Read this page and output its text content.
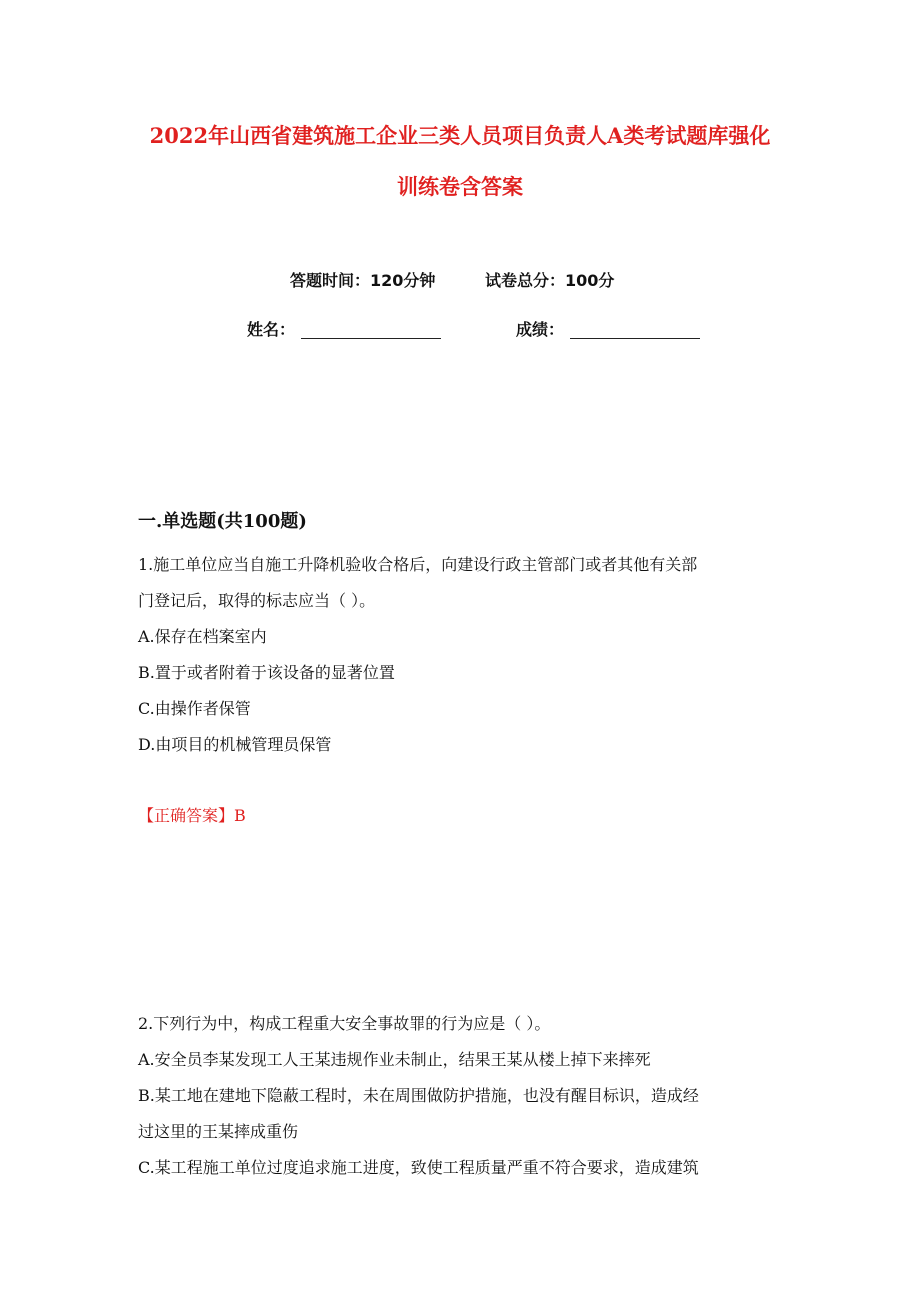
2022年山西省建筑施工企业三类人员项目负责人A类考试题库强化
训练卷含答案
答题时间：120分钟	试卷总分：100分
姓名：	成绩：
一.单选题(共100题)
1.施工单位应当自施工升降机验收合格后，向建设行政主管部门或者其他有关部
门登记后，取得的标志应当（ ）。
A.保存在档案室内
B.置于或者附着于该设备的显著位置
C.由操作者保管
D.由项目的机械管理员保管
【正确答案】B
2.下列行为中，构成工程重大安全事故罪的行为应是（ ）。
A.安全员李某发现工人王某违规作业未制止，结果王某从楼上掉下来摔死
B.某工地在建地下隐蔽工程时，未在周围做防护措施，也没有醒目标识，造成经
过这里的王某摔成重伤
C.某工程施工单位过度追求施工进度，致使工程质量严重不符合要求，造成建筑
